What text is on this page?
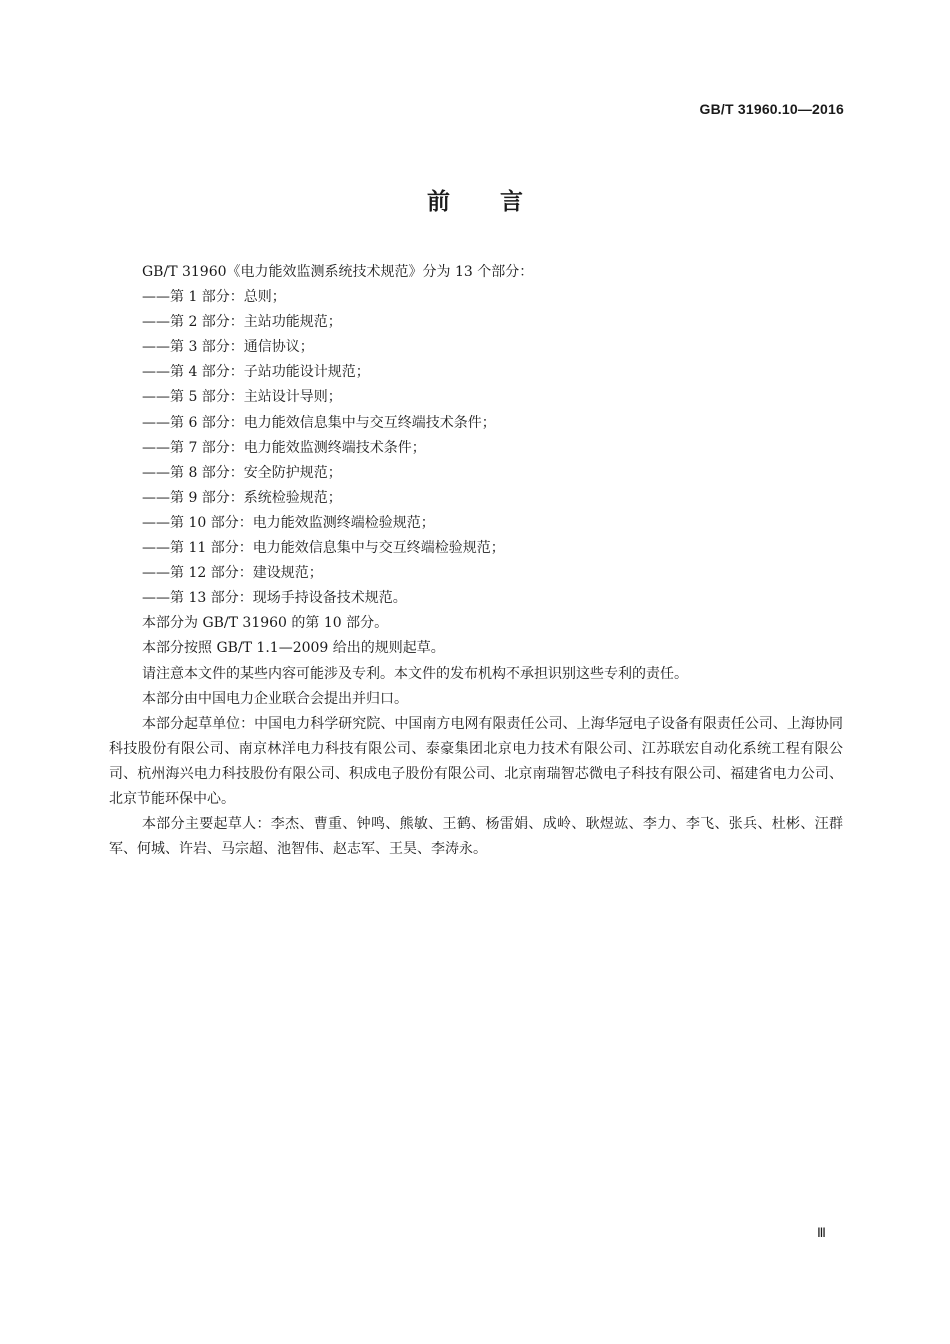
GB/T 31960.10—2016
前言

GB/T 31960《电力能效监测系统技术规范》分为 13 个部分：

——第 1 部分：总则；
——第 2 部分：主站功能规范；
——第 3 部分：通信协议；
——第 4 部分：子站功能设计规范；
——第 5 部分：主站设计导则；
——第 6 部分：电力能效信息集中与交互终端技术条件；
——第 7 部分：电力能效监测终端技术条件；
——第 8 部分：安全防护规范；
——第 9 部分：系统检验规范；
——第 10 部分：电力能效监测终端检验规范；
——第 11 部分：电力能效信息集中与交互终端检验规范；
——第 12 部分：建设规范；
——第 13 部分：现场手持设备技术规范。

本部分为 GB/T 31960 的第 10 部分。

本部分按照 GB/T 1.1—2009 给出的规则起草。

请注意本文件的某些内容可能涉及专利。本文件的发布机构不承担识别这些专利的责任。

本部分由中国电力企业联合会提出并归口。

本部分起草单位：中国电力科学研究院、中国南方电网有限责任公司、上海华冠电子设备有限责任公司、上海协同科技股份有限公司、南京林洋电力科技有限公司、泰豪集团北京电力技术有限公司、江苏联宏自动化系统工程有限公司、杭州海兴电力科技股份有限公司、积成电子股份有限公司、北京南瑞智芯微电子科技有限公司、福建省电力公司、北京节能环保中心。

本部分主要起草人：李杰、曹重、钟鸣、熊敏、王鹤、杨雷娟、成岭、耿煜竑、李力、李飞、张兵、杜彬、汪群军、何城、许岩、马宗超、池智伟、赵志军、王昊、李涛永。

Ⅲ
